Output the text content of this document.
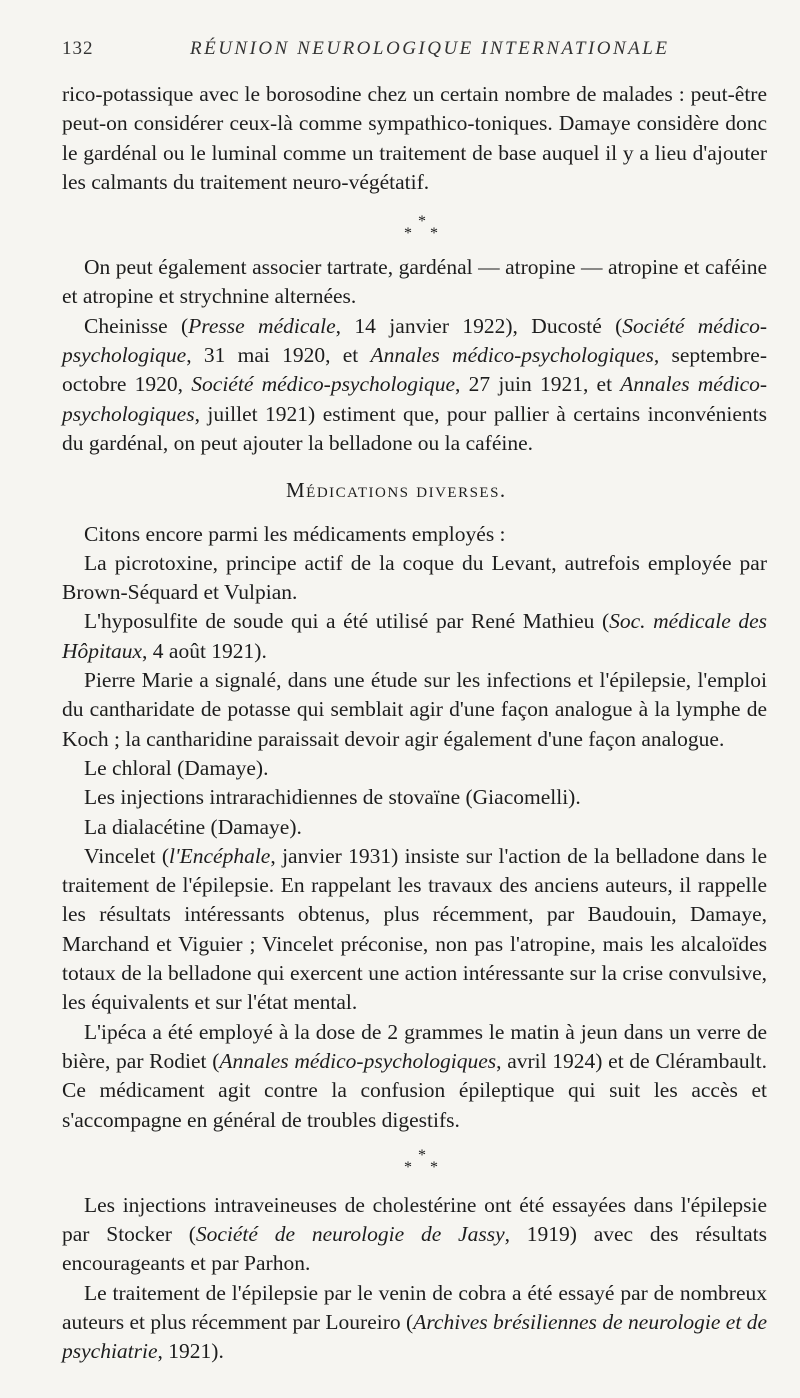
132	RÉUNION NEUROLOGIQUE INTERNATIONALE

rico-potassique avec le borosodine chez un certain nombre de malades : peut-être peut-on considérer ceux-là comme sympathico-toniques. Damaye considère donc le gardénal ou le luminal comme un traitement de base auquel il y a lieu d'ajouter les calmants du traitement neuro-végétatif.

*
* *

On peut également associer tartrate, gardénal — atropine — atropine et caféine et atropine et strychnine alternées.

Cheinisse (Presse médicale, 14 janvier 1922), Ducosté (Société médico-psychologique, 31 mai 1920, et Annales médico-psychologiques, septembre-octobre 1920, Société médico-psychologique, 27 juin 1921, et Annales médico-psychologiques, juillet 1921) estiment que, pour pallier à certains inconvénients du gardénal, on peut ajouter la belladone ou la caféine.

Médications diverses.

Citons encore parmi les médicaments employés :

La picrotoxine, principe actif de la coque du Levant, autrefois employée par Brown-Séquard et Vulpian.

L'hyposulfite de soude qui a été utilisé par René Mathieu (Soc. médicale des Hôpitaux, 4 août 1921).

Pierre Marie a signalé, dans une étude sur les infections et l'épilepsie, l'emploi du cantharidate de potasse qui semblait agir d'une façon analogue à la lymphe de Koch ; la cantharidine paraissait devoir agir également d'une façon analogue.

Le chloral (Damaye).

Les injections intrarachidiennes de stovaïne (Giacomelli).

La dialacétine (Damaye).

Vincelet (l'Encéphale, janvier 1931) insiste sur l'action de la belladone dans le traitement de l'épilepsie. En rappelant les travaux des anciens auteurs, il rappelle les résultats intéressants obtenus, plus récemment, par Baudouin, Damaye, Marchand et Viguier ; Vincelet préconise, non pas l'atropine, mais les alcaloïdes totaux de la belladone qui exercent une action intéressante sur la crise convulsive, les équivalents et sur l'état mental.

L'ipéca a été employé à la dose de 2 grammes le matin à jeun dans un verre de bière, par Rodiet (Annales médico-psychologiques, avril 1924) et de Clérambault. Ce médicament agit contre la confusion épileptique qui suit les accès et s'accompagne en général de troubles digestifs.

*
* *

Les injections intraveineuses de cholestérine ont été essayées dans l'épilepsie par Stocker (Société de neurologie de Jassy, 1919) avec des résultats encourageants et par Parhon.

Le traitement de l'épilepsie par le venin de cobra a été essayé par de nombreux auteurs et plus récemment par Loureiro (Archives brésiliennes de neurologie et de psychiatrie, 1921).
